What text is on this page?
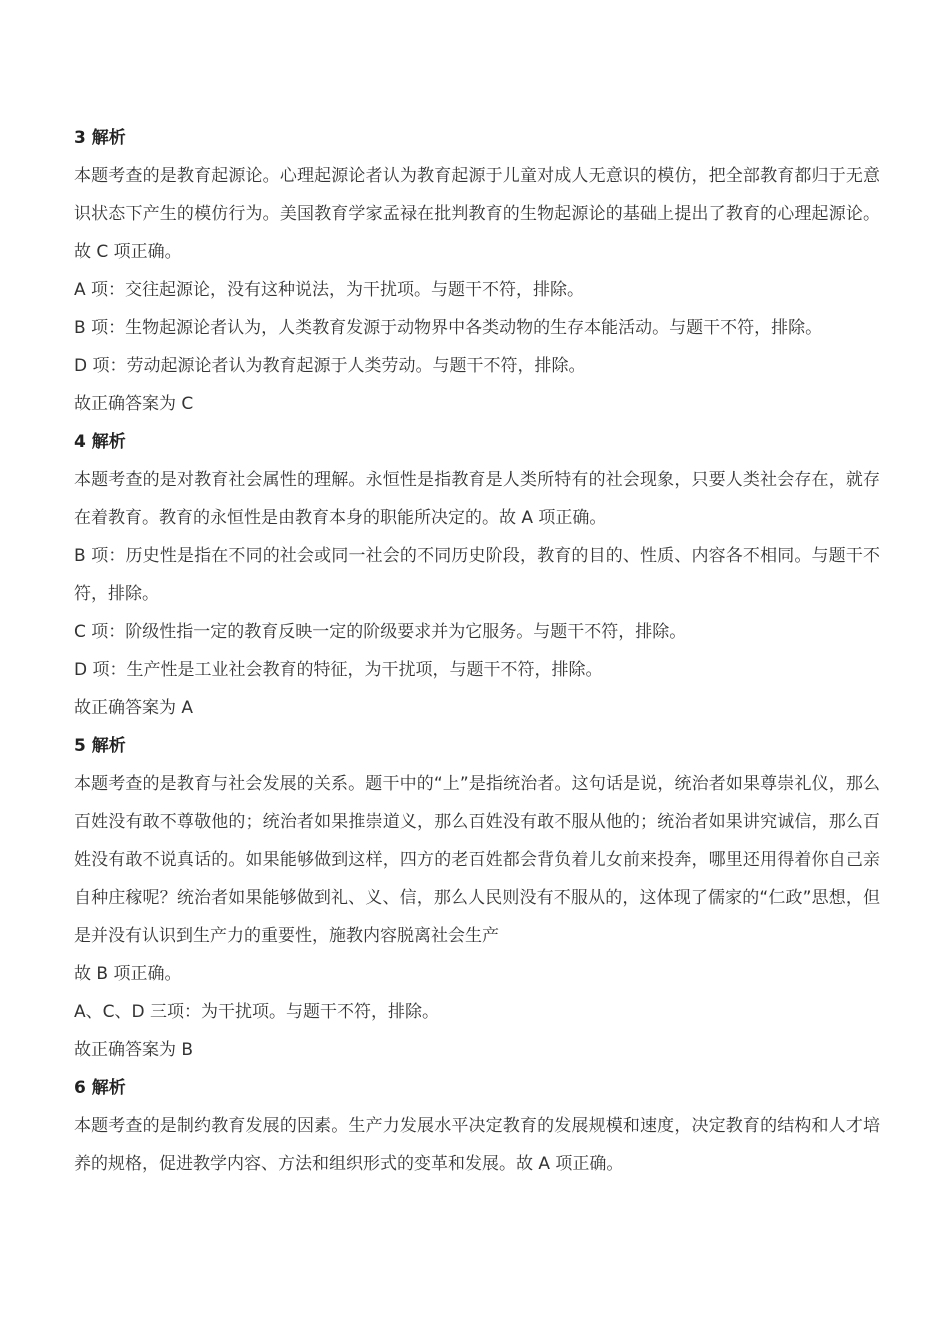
3 解析

本题考查的是教育起源论。心理起源论者认为教育起源于儿童对成人无意识的模仿，把全部教育都归于无意识状态下产生的模仿行为。美国教育学家孟禄在批判教育的生物起源论的基础上提出了教育的心理起源论。故 C 项正确。

A 项：交往起源论，没有这种说法，为干扰项。与题干不符，排除。
B 项：生物起源论者认为，人类教育发源于动物界中各类动物的生存本能活动。与题干不符，排除。
D 项：劳动起源论者认为教育起源于人类劳动。与题干不符，排除。
故正确答案为 C
4 解析

本题考查的是对教育社会属性的理解。永恒性是指教育是人类所特有的社会现象，只要人类社会存在，就存在着教育。教育的永恒性是由教育本身的职能所决定的。故 A 项正确。

B 项：历史性是指在不同的社会或同一社会的不同历史阶段，教育的目的、性质、内容各不相同。与题干不符，排除。

C 项：阶级性指一定的教育反映一定的阶级要求并为它服务。与题干不符，排除。
D 项：生产性是工业社会教育的特征，为干扰项，与题干不符，排除。
故正确答案为 A
5 解析

本题考查的是教育与社会发展的关系。题干中的“上”是指统治者。这句话是说，统治者如果尊崇礼仪，那么百姓没有敢不尊敬他的；统治者如果推崇道义，那么百姓没有敢不服从他的；统治者如果讲究诚信，那么百姓没有敢不说真话的。如果能够做到这样，四方的老百姓都会背负着儿女前来投奔，哪里还用得着你自己亲自种庄稼呢？统治者如果能够做到礼、义、信，那么人民则没有不服从的，这体现了儒家的“仁政”思想，但是并没有认识到生产力的重要性，施教内容脱离社会生产

故 B 项正确。
A、C、D 三项：为干扰项。与题干不符，排除。
故正确答案为 B
6 解析

本题考查的是制约教育发展的因素。生产力发展水平决定教育的发展规模和速度，决定教育的结构和人才培养的规格，促进教学内容、方法和组织形式的变革和发展。故 A 项正确。
